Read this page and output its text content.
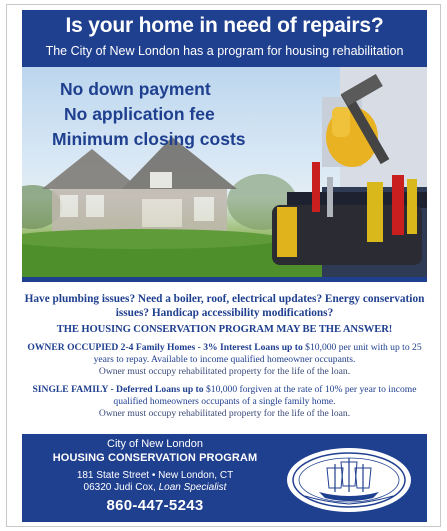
Is your home in need of repairs?
The City of New London has a program for housing rehabilitation
No down payment
No application fee
Minimum closing costs

Have plumbing issues? Need a boiler, roof, electrical updates? Energy conservation issues? Handicap accessibility modifications?

THE HOUSING CONSERVATION PROGRAM MAY BE THE ANSWER!

OWNER OCCUPIED 2-4 Family Homes - 3% Interest Loans up to $10,000 per unit with up to 25 years to repay. Available to income qualified homeowner occupants.
Owner must occupy rehabilitated property for the life of the loan.

SINGLE FAMILY - Deferred Loans up to $10,000 forgiven at the rate of 10% per year to income qualified homeowners occupants of a single family home.
Owner must occupy rehabilitated property for the life of the loan.

City of New London
HOUSING CONSERVATION PROGRAM
181 State Street • New London, CT
06320 Judi Cox, Loan Specialist
860-447-5243
